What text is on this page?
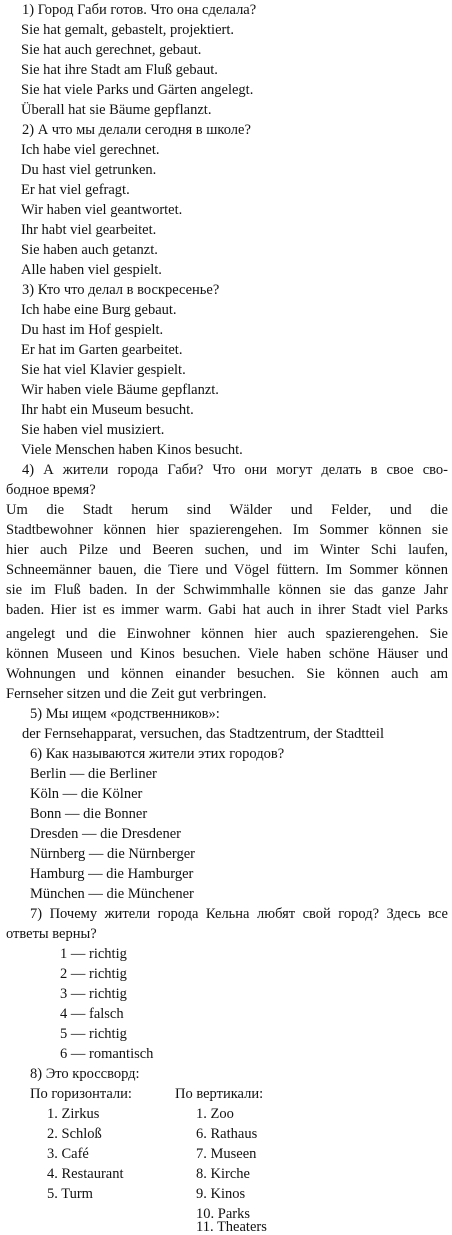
1) Город Габи готов. Что она сделала?
Sie hat gemalt, gebastelt, projektiert.
Sie hat auch gerechnet, gebaut.
Sie hat ihre Stadt am Fluß gebaut.
Sie hat viele Parks und Gärten angelegt.
Überall hat sie Bäume gepflanzt.
2) А что мы делали сегодня в школе?
Ich habe viel gerechnet.
Du hast viel getrunken.
Er hat viel gefragt.
Wir haben viel geantwortet.
Ihr habt viel gearbeitet.
Sie haben auch getanzt.
Alle haben viel gespielt.
3) Кто что делал в воскресенье?
Ich habe eine Burg gebaut.
Du hast im Hof gespielt.
Er hat im Garten gearbeitet.
Sie hat viel Klavier gespielt.
Wir haben viele Bäume gepflanzt.
Ihr habt ein Museum besucht.
Sie haben viel musiziert.
Viele Menschen haben Kinos besucht.
4) А жители города Габи? Что они могут делать в свое сво-
бодное время?
Um die Stadt herum sind Wälder und Felder, und die
Stadtbewohner können hier spazierengehen. Im Sommer können sie
hier auch Pilze und Beeren suchen, und im Winter Schi laufen,
Schneemänner bauen, die Tiere und Vögel füttern. Im Sommer können
sie im Fluß baden. In der Schwimmhalle können sie das ganze Jahr
baden. Hier ist es immer warm. Gabi hat auch in ihrer Stadt viel Parks
angelegt und die Einwohner können hier auch spazierengehen. Sie
können Museen und Kinos besuchen. Viele haben schöne Häuser und
Wohnungen und können einander besuchen. Sie können auch am
Fernseher sitzen und die Zeit gut verbringen.
5) Мы ищем «родственников»:
der Fernsehapparat, versuchen, das Stadtzentrum, der Stadtteil
6) Как называются жители этих городов?
Berlin — die Berliner
Köln — die Kölner
Bonn — die Bonner
Dresden — die Dresdener
Nürnberg — die Nürnberger
Hamburg — die Hamburger
München — die Münchener
7) Почему жители города Кельна любят свой город? Здесь все
ответы верны?
1 — richtig
2 — richtig
3 — richtig
4 — falsch
5 — richtig
6 — romantisch
8) Это кроссворд:
По горизонтали:	По вертикали:
1. Zirkus
2. Schloß
3. Café
4. Restaurant
5. Turm
1. Zoo
6. Rathaus
7. Museen
8. Kirche
9. Kinos
10. Parks
11. Theaters
